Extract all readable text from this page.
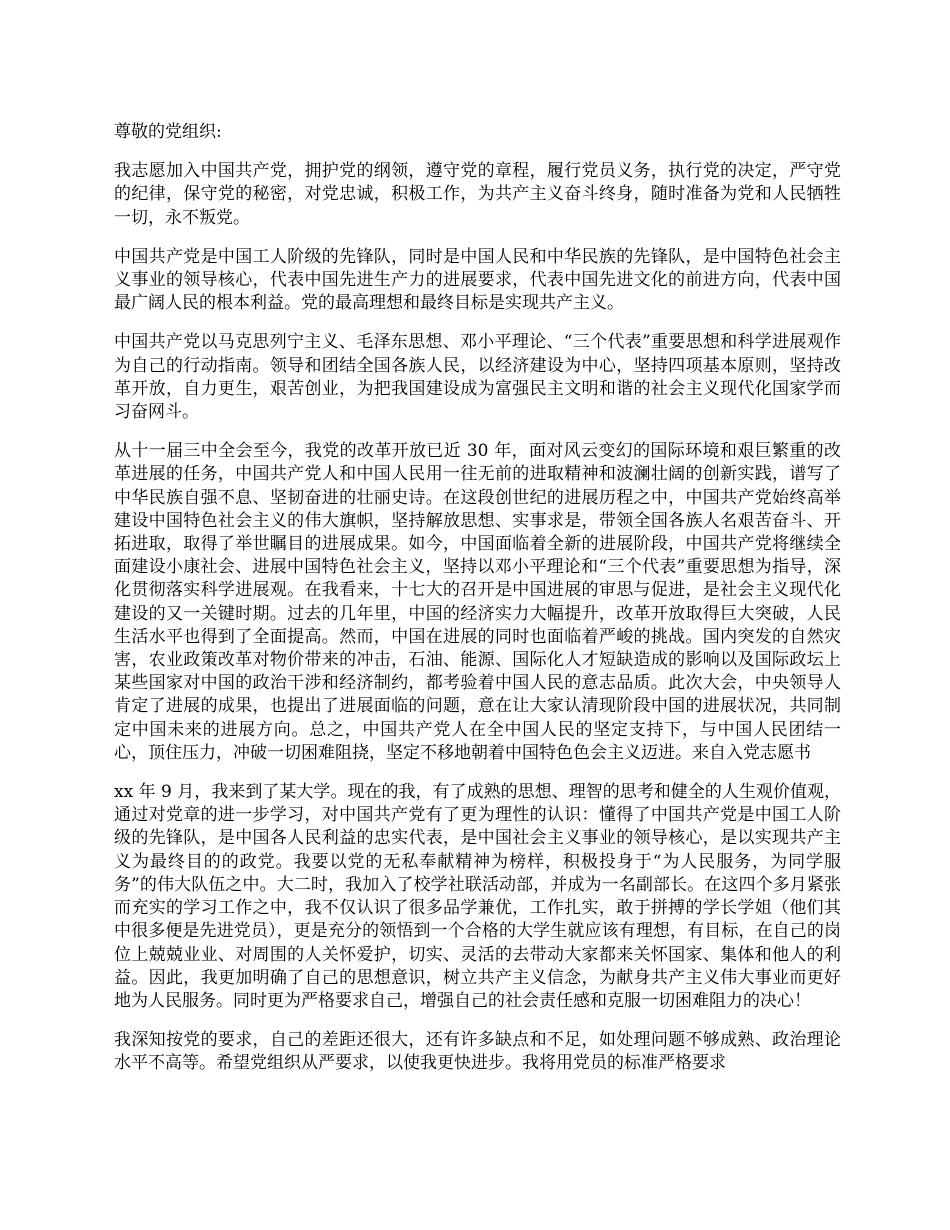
尊敬的党组织:

我志愿加入中国共产党，拥护党的纲领，遵守党的章程，履行党员义务，执行党的决定，严守党的纪律，保守党的秘密，对党忠诚，积极工作，为共产主义奋斗终身，随时准备为党和人民牺牲一切，永不叛党。

中国共产党是中国工人阶级的先锋队，同时是中国人民和中华民族的先锋队，是中国特色社会主义事业的领导核心，代表中国先进生产力的进展要求，代表中国先进文化的前进方向，代表中国最广阔人民的根本利益。党的最高理想和最终目标是实现共产主义。

中国共产党以马克思列宁主义、毛泽东思想、邓小平理论、“三个代表”重要思想和科学进展观作为自己的行动指南。领导和团结全国各族人民，以经济建设为中心，坚持四项基本原则，坚持改革开放，自力更生，艰苦创业，为把我国建设成为富强民主文明和谐的社会主义现代化国家学而习奋网斗。

从十一届三中全会至今，我党的改革开放已近 30 年，面对风云变幻的国际环境和艰巨繁重的改革进展的任务，中国共产党人和中国人民用一往无前的进取精神和波澜壮阔的创新实践，谱写了中华民族自强不息、坚韧奋进的壮丽史诗。在这段创世纪的进展历程之中，中国共产党始终高举建设中国特色社会主义的伟大旗帜，坚持解放思想、实事求是，带领全国各族人名艰苦奋斗、开拓进取，取得了举世瞩目的进展成果。如今，中国面临着全新的进展阶段，中国共产党将继续全面建设小康社会、进展中国特色社会主义，坚持以邓小平理论和“三个代表”重要思想为指导，深化贯彻落实科学进展观。在我看来，十七大的召开是中国进展的审思与促进，是社会主义现代化建设的又一关键时期。过去的几年里，中国的经济实力大幅提升，改革开放取得巨大突破，人民生活水平也得到了全面提高。然而，中国在进展的同时也面临着严峻的挑战。国内突发的自然灾害，农业政策改革对物价带来的冲击，石油、能源、国际化人才短缺造成的影响以及国际政坛上某些国家对中国的政治干涉和经济制约，都考验着中国人民的意志品质。此次大会，中央领导人肯定了进展的成果，也提出了进展面临的问题，意在让大家认清现阶段中国的进展状况，共同制定中国未来的进展方向。总之，中国共产党人在全中国人民的坚定支持下，与中国人民团结一心，顶住压力，冲破一切困难阻挠，坚定不移地朝着中国特色色会主义迈进。来自入党志愿书

xx 年 9 月，我来到了某大学。现在的我，有了成熟的思想、理智的思考和健全的人生观价值观，通过对党章的进一步学习，对中国共产党有了更为理性的认识：懂得了中国共产党是中国工人阶级的先锋队，是中国各人民利益的忠实代表，是中国社会主义事业的领导核心，是以实现共产主义为最终目的的政党。我要以党的无私奉献精神为榜样，积极投身于“为人民服务，为同学服务”的伟大队伍之中。大二时，我加入了校学社联活动部，并成为一名副部长。在这四个多月紧张而充实的学习工作之中，我不仅认识了很多品学兼优，工作扎实，敢于拼搏的学长学姐（他们其中很多便是先进党员），更是充分的领悟到一个合格的大学生就应该有理想，有目标，在自己的岗位上兢兢业业、对周围的人关怀爱护，切实、灵活的去带动大家都来关怀国家、集体和他人的利益。因此，我更加明确了自己的思想意识，树立共产主义信念，为献身共产主义伟大事业而更好地为人民服务。同时更为严格要求自己，增强自己的社会责任感和克服一切困难阻力的决心！

我深知按党的要求，自己的差距还很大，还有许多缺点和不足，如处理问题不够成熟、政治理论水平不高等。希望党组织从严要求，以使我更快进步。我将用党员的标准严格要求
